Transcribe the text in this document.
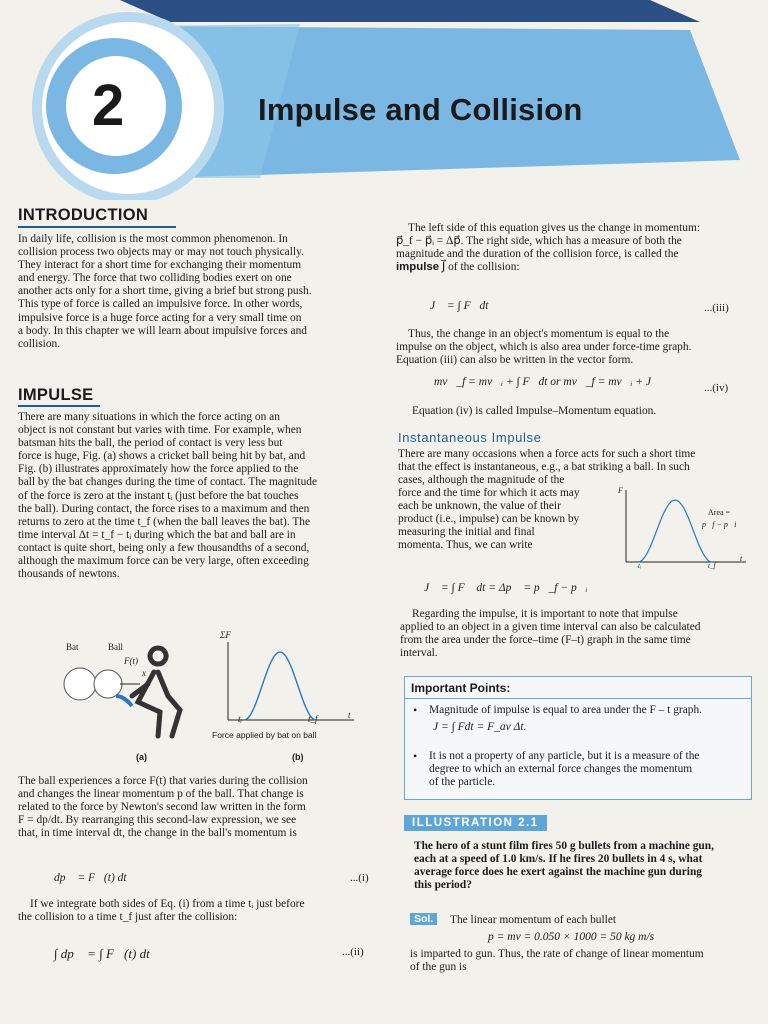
2	Impulse and Collision
INTRODUCTION
In daily life, collision is the most common phenomenon. In
collision process two objects may or may not touch physically.
They interact for a short time for exchanging their momentum
and energy. The force that two colliding bodies exert on one
another acts only for a short time, giving a brief but strong push.
This type of force is called an impulsive force. In other words,
impulsive force is a huge force acting for a very small time on
a body. In this chapter we will learn about impulsive forces and
collision.
IMPULSE
There are many situations in which the force acting on an
object is not constant but varies with time. For example, when
batsman hits the ball, the period of contact is very less but
force is huge, Fig. (a) shows a cricket ball being hit by bat, and
Fig. (b) illustrates approximately how the force applied to the
ball by the bat changes during the time of contact. The magnitude
of the force is zero at the instant tᵢ (just before the bat touches
the ball). During contact, the force rises to a maximum and then
returns to zero at the time t_f (when the ball leaves the bat). The
time interval Δt = t_f − tᵢ during which the bat and ball are in
contact is quite short, being only a few thousandths of a second,
although the maximum force can be very large, often exceeding
thousands of newtons.
Bat	Ball
F(t)
x
ΣF
tᵢ	t_f	t
Force applied by bat on ball
(a)	(b)
The ball experiences a force F(t) that varies during the collision
and changes the linear momentum p of the ball. That change is
related to the force by Newton's second law written in the form
F = dp/dt. By rearranging this second-law expression, we see
that, in time interval dt, the change in the ball's momentum is
dp⃗ = F⃗(t) dt	...(i)
If we integrate both sides of Eq. (i) from a time tᵢ just before
the collision to a time t_f just after the collision:
∫ dp⃗ = ∫ F⃗(t) dt	...(ii)
The left side of this equation gives us the change in momentum:
p⃗_f − p⃗ᵢ = Δp⃗. The right side, which has a measure of both the
magnitude and the duration of the collision force, is called the
impulse J⃗ of the collision:
J⃗ = ∫ F⃗dt	...(iii)
Thus, the change in an object's momentum is equal to the
impulse on the object, which is also area under force-time graph.
Equation (iii) can also be written in the vector form.
mv⃗_f = mv⃗ᵢ + ∫ F⃗dt or mv⃗_f = mv⃗ᵢ + J⃗	...(iv)
Equation (iv) is called Impulse–Momentum equation.
Instantaneous Impulse
There are many occasions when a force acts for such a short time
that the effect is instantaneous, e.g., a bat striking a ball. In such
cases, although the magnitude of the
force and the time for which it acts may
each be unknown, the value of their
product (i.e., impulse) can be known by
measuring the initial and final
momenta. Thus, we can write
F
Area =
p⃗f − p⃗i
tᵢ	t_f
t
J⃗ = ∫ F⃗ dt = Δp⃗ = p⃗_f − p⃗ᵢ
Regarding the impulse, it is important to note that impulse
applied to an object in a given time interval can also be calculated
from the area under the force–time (F–t) graph in the same time
interval.
Important Points:
• Magnitude of impulse is equal to area under the F – t graph.
J = ∫ Fdt = F_av Δt.
• It is not a property of any particle, but it is a measure of the
degree to which an external force changes the momentum
of the particle.
ILLUSTRATION 2.1
The hero of a stunt film fires 50 g bullets from a machine gun,
each at a speed of 1.0 km/s. If he fires 20 bullets in 4 s, what
average force does he exert against the machine gun during
this period?
Sol.	The linear momentum of each bullet
p = mv = 0.050 × 1000 = 50 kg m/s
is imparted to gun. Thus, the rate of change of linear momentum
of the gun is
